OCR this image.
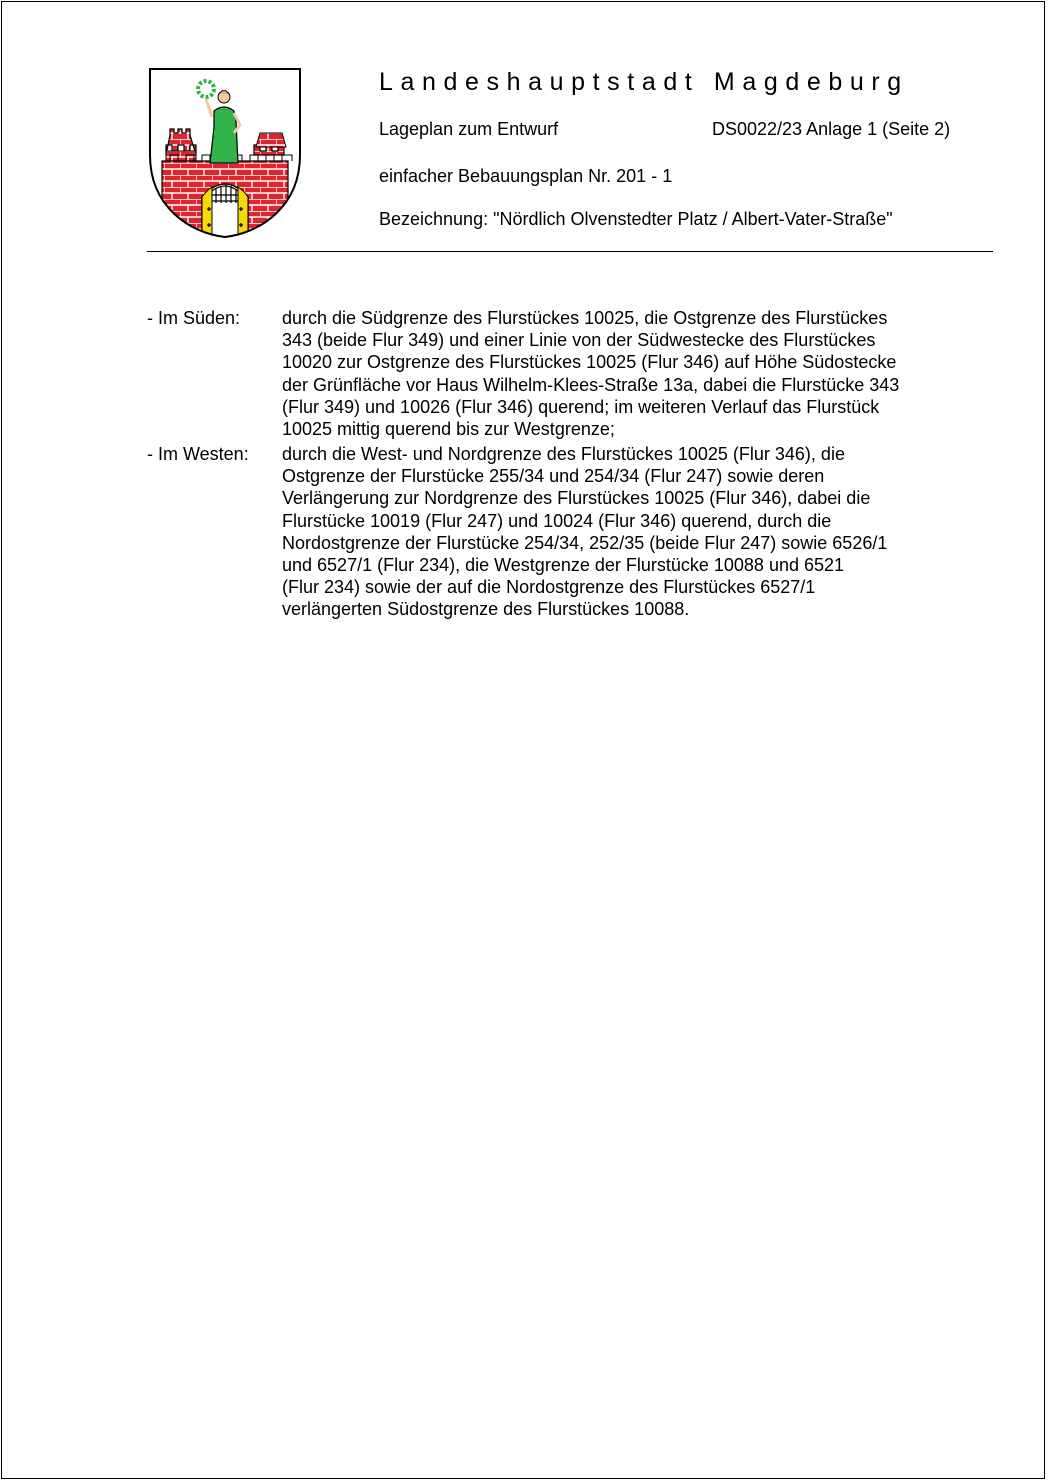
Landeshauptstadt Magdeburg
Lageplan zum Entwurf	DS0022/23 Anlage 1 (Seite 2)
einfacher Bebauungsplan Nr. 201 - 1
Bezeichnung: "Nördlich Olvenstedter Platz / Albert-Vater-Straße"
- Im Süden: durch die Südgrenze des Flurstückes 10025, die Ostgrenze des Flurstückes
343 (beide Flur 349) und einer Linie von der Südwestecke des Flurstückes
10020 zur Ostgrenze des Flurstückes 10025 (Flur 346) auf Höhe Südostecke
der Grünfläche vor Haus Wilhelm-Klees-Straße 13a, dabei die Flurstücke 343
(Flur 349) und 10026 (Flur 346) querend; im weiteren Verlauf das Flurstück
10025 mittig querend bis zur Westgrenze;
- Im Westen: durch die West- und Nordgrenze des Flurstückes 10025 (Flur 346), die
Ostgrenze der Flurstücke 255/34 und 254/34 (Flur 247) sowie deren
Verlängerung zur Nordgrenze des Flurstückes 10025 (Flur 346), dabei die
Flurstücke 10019 (Flur 247) und 10024 (Flur 346) querend, durch die
Nordostgrenze der Flurstücke 254/34, 252/35 (beide Flur 247) sowie 6526/1
und 6527/1 (Flur 234), die Westgrenze der Flurstücke 10088 und 6521
(Flur 234) sowie der auf die Nordostgrenze des Flurstückes 6527/1
verlängerten Südostgrenze des Flurstückes 10088.
